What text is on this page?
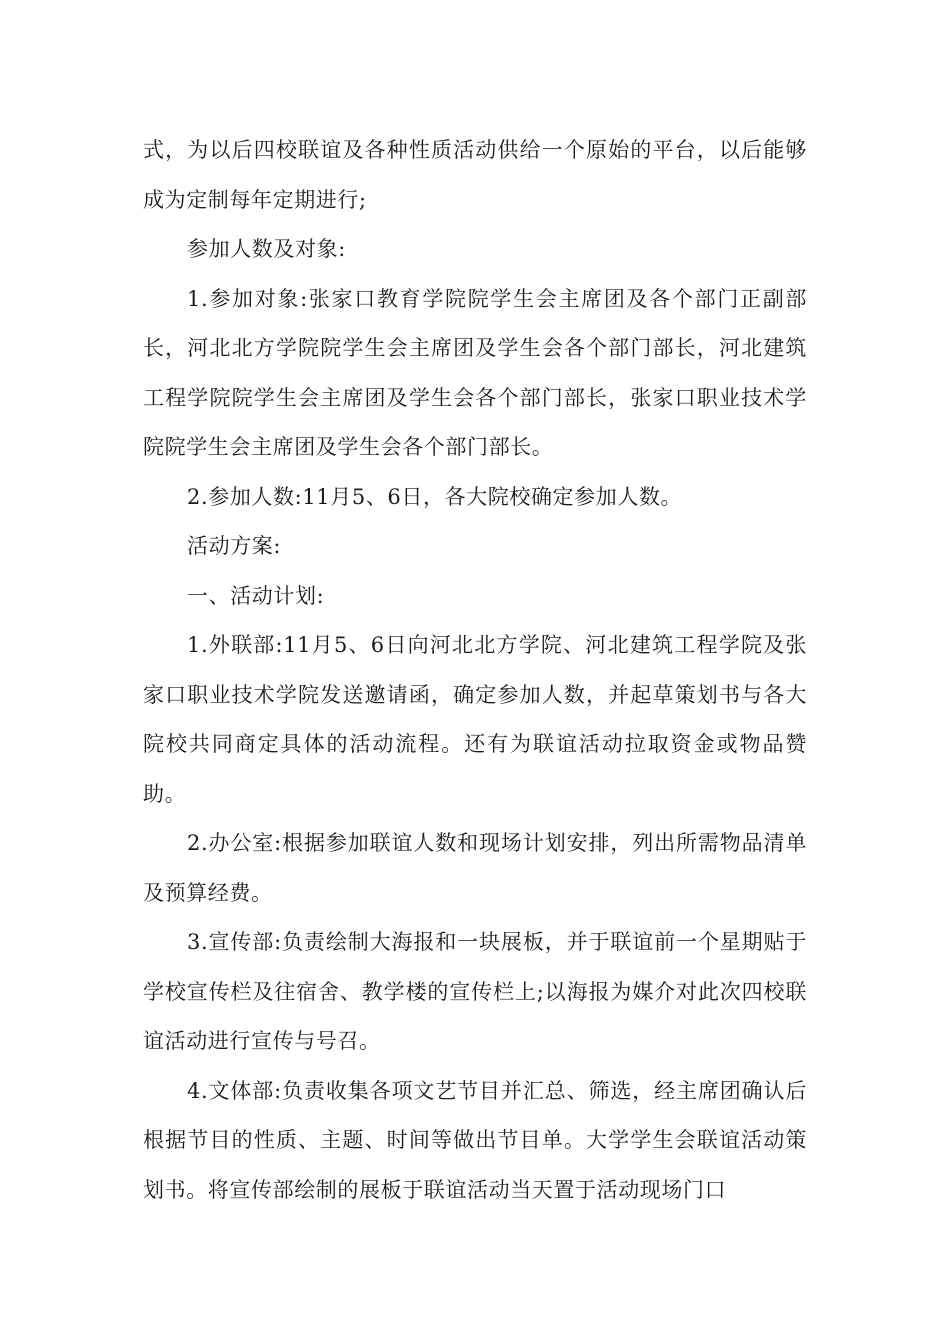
式，为以后四校联谊及各种性质活动供给一个原始的平台，以后能够成为定制每年定期进行;

参加人数及对象:

1.参加对象:张家口教育学院院学生会主席团及各个部门正副部长，河北北方学院院学生会主席团及学生会各个部门部长，河北建筑工程学院院学生会主席团及学生会各个部门部长，张家口职业技术学院院学生会主席团及学生会各个部门部长。

2.参加人数:11月5、6日，各大院校确定参加人数。

活动方案:

一、活动计划:

1.外联部:11月5、6日向河北北方学院、河北建筑工程学院及张家口职业技术学院发送邀请函，确定参加人数，并起草策划书与各大院校共同商定具体的活动流程。还有为联谊活动拉取资金或物品赞助。

2.办公室:根据参加联谊人数和现场计划安排，列出所需物品清单及预算经费。

3.宣传部:负责绘制大海报和一块展板，并于联谊前一个星期贴于学校宣传栏及往宿舍、教学楼的宣传栏上;以海报为媒介对此次四校联谊活动进行宣传与号召。

4.文体部:负责收集各项文艺节目并汇总、筛选，经主席团确认后根据节目的性质、主题、时间等做出节目单。大学学生会联谊活动策划书。将宣传部绘制的展板于联谊活动当天置于活动现场门口
